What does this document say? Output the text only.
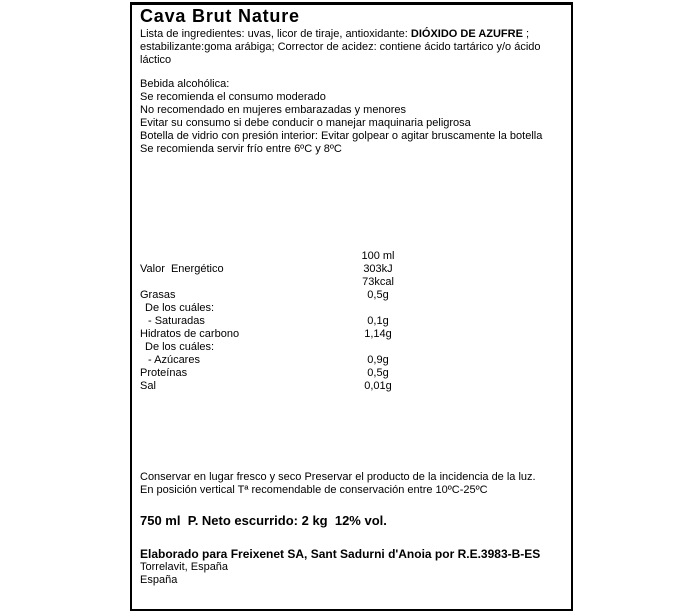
Cava Brut Nature

Lista de ingredientes: uvas, licor de tiraje, antioxidante: DIÓXIDO DE AZUFRE ; estabilizante:goma arábiga; Corrector de acidez: contiene ácido tartárico y/o ácido láctico

Bebida alcohólica:
Se recomienda el consumo moderado
No recomendado en mujeres embarazadas y menores
Evitar su consumo si debe conducir o manejar maquinaria peligrosa
Botella de vidrio con presión interior: Evitar golpear o agitar bruscamente la botella
Se recomienda servir frío entre 6ºC y 8ºC
100 ml
Valor  Energético	303kJ
73kcal
Grasas	0,5g
De los cuáles:
- Saturadas	0,1g
Hidratos de carbono	1,14g
De los cuáles:
- Azúcares	0,9g
Proteínas	0,5g
Sal	0,01g
Conservar en lugar fresco y seco Preservar el producto de la incidencia de la luz.
En posición vertical Tª recomendable de conservación entre 10ºC-25ºC
750 ml  P. Neto escurrido: 2 kg  12% vol.
Elaborado para Freixenet SA, Sant Sadurni d'Anoia por R.E.3983-B-ES
Torrelavit, España
España
